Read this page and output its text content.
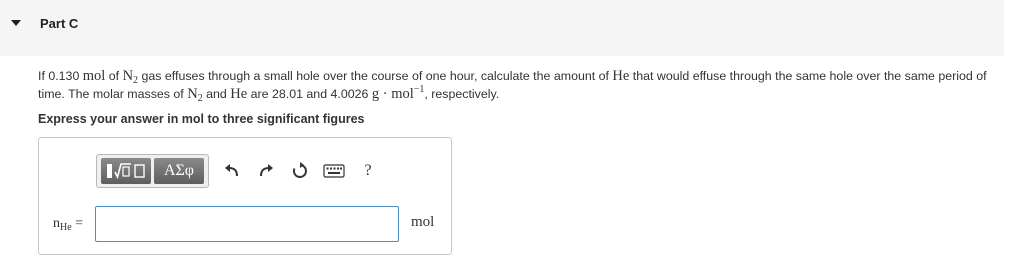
Part C
If 0.130 mol of $N_2$ gas effuses through a small hole over the course of one hour, calculate the amount of He that would effuse through the same hole over the same period of time. The molar masses of $N_2$ and He are 28.01 and 4.0026 g · mol$^{-1}$, respectively.
Express your answer in mol to three significant figures
ΑΣφ	?
$n_{He}$ =	mol
